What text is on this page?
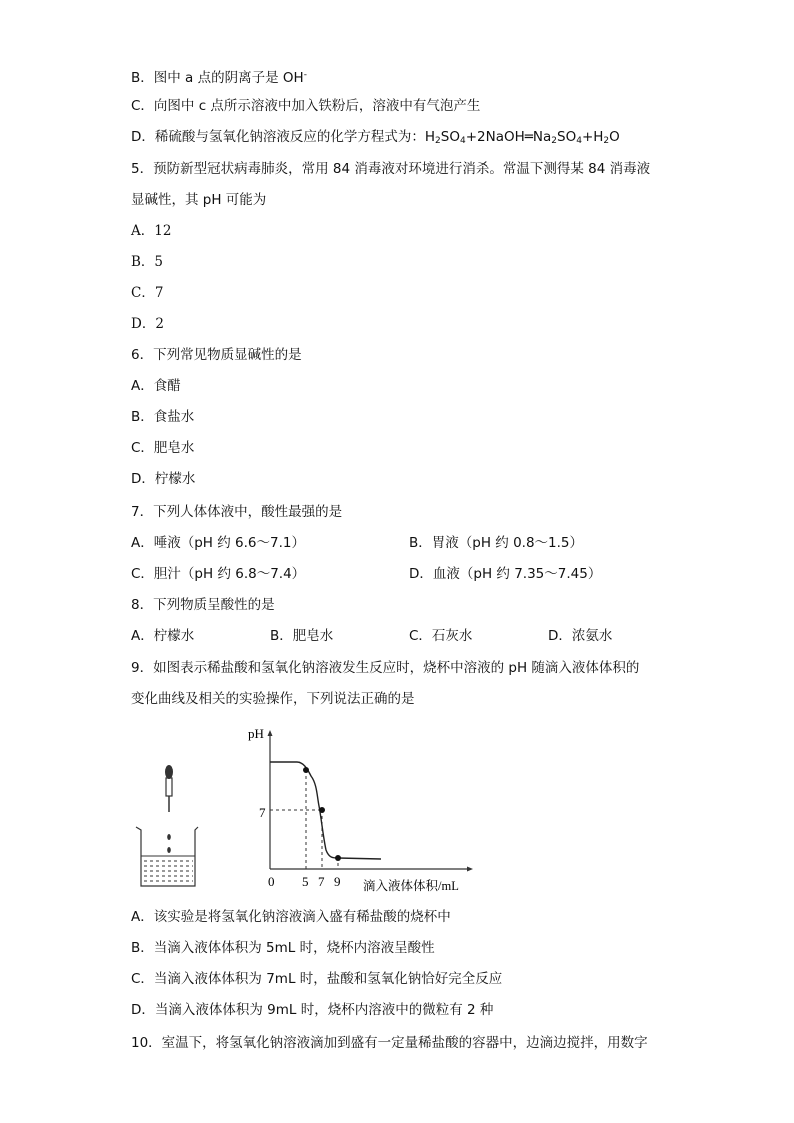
B．图中 a 点的阴离子是 OH-
C．向图中 c 点所示溶液中加入铁粉后，溶液中有气泡产生
D．稀硫酸与氢氧化钠溶液反应的化学方程式为：$H_2SO_4+2NaOH═Na_2SO_4+H_2O$
5．预防新型冠状病毒肺炎，常用 84 消毒液对环境进行消杀。常温下测得某 84 消毒液
显碱性，其 pH 可能为
A．12
B．5
C．7
D．2
6．下列常见物质显碱性的是
A．食醋
B．食盐水
C．肥皂水
D．柠檬水
7．下列人体体液中，酸性最强的是
A．唾液（pH 约 6.6～7.1）	B．胃液（pH 约 0.8～1.5）
C．胆汁（pH 约 6.8～7.4）	D．血液（pH 约 7.35～7.45）
8．下列物质呈酸性的是
A．柠檬水	B．肥皂水	C．石灰水	D．浓氨水
9．如图表示稀盐酸和氢氧化钠溶液发生反应时，烧杯中溶液的 pH 随滴入液体体积的
变化曲线及相关的实验操作，下列说法正确的是
pH
7
0 5 7 9 滴入液体体积/mL
A．该实验是将氢氧化钠溶液滴入盛有稀盐酸的烧杯中
B．当滴入液体体积为 5mL 时，烧杯内溶液呈酸性
C．当滴入液体体积为 7mL 时，盐酸和氢氧化钠恰好完全反应
D．当滴入液体体积为 9mL 时，烧杯内溶液中的微粒有 2 种
10．室温下，将氢氧化钠溶液滴加到盛有一定量稀盐酸的容器中，边滴边搅拌，用数字
